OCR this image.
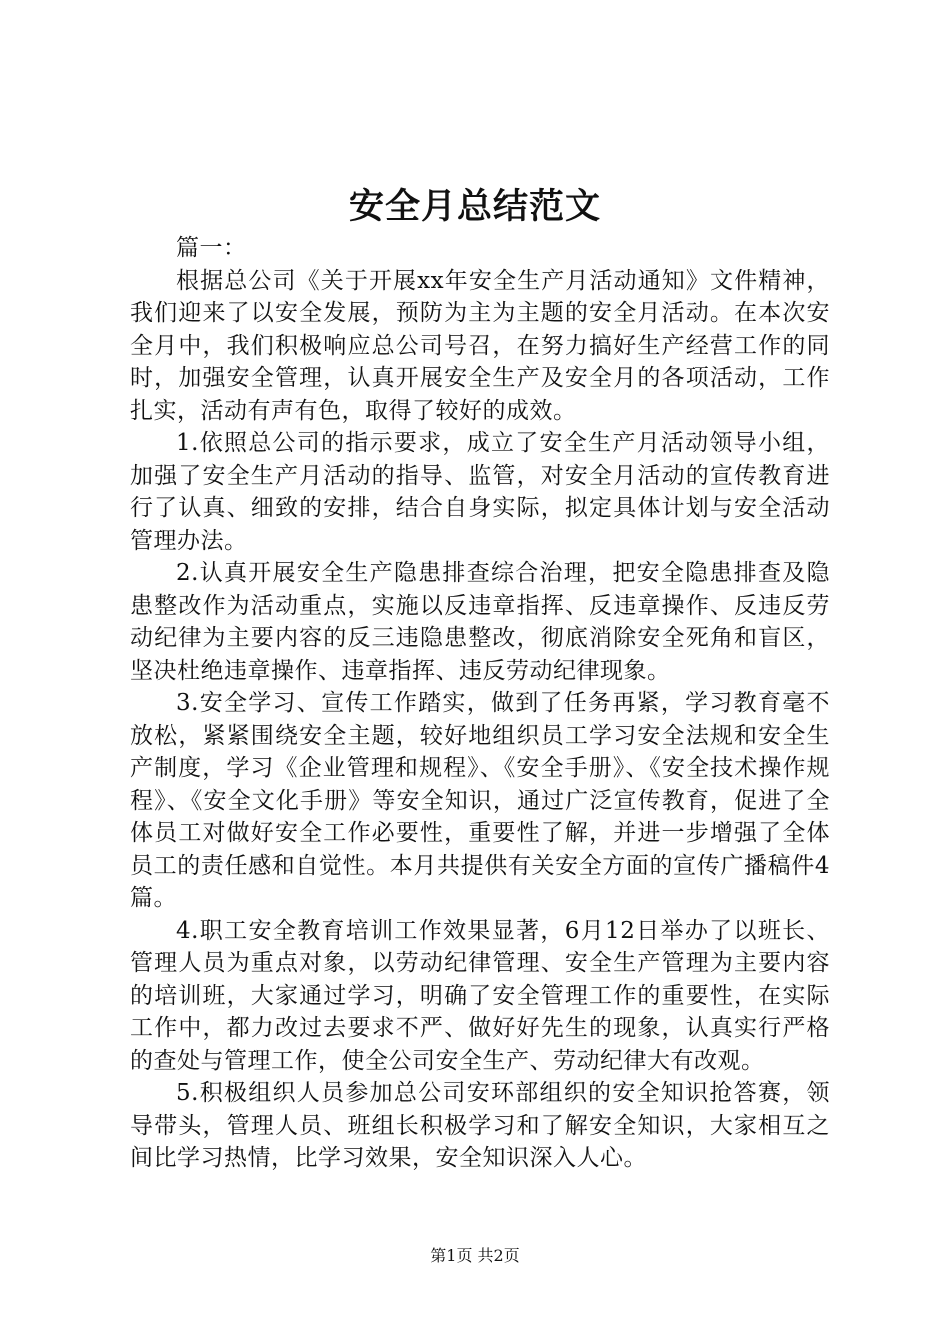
安全月总结范文

篇一：

根据总公司《关于开展xx年安全生产月活动通知》文件精神，我们迎来了以安全发展，预防为主为主题的安全月活动。在本次安全月中，我们积极响应总公司号召，在努力搞好生产经营工作的同时，加强安全管理，认真开展安全生产及安全月的各项活动，工作扎实，活动有声有色，取得了较好的成效。

1.依照总公司的指示要求，成立了安全生产月活动领导小组，加强了安全生产月活动的指导、监管，对安全月活动的宣传教育进行了认真、细致的安排，结合自身实际，拟定具体计划与安全活动管理办法。

2.认真开展安全生产隐患排查综合治理，把安全隐患排查及隐患整改作为活动重点，实施以反违章指挥、反违章操作、反违反劳动纪律为主要内容的反三违隐患整改，彻底消除安全死角和盲区，坚决杜绝违章操作、违章指挥、违反劳动纪律现象。

3.安全学习、宣传工作踏实，做到了任务再紧，学习教育毫不放松，紧紧围绕安全主题，较好地组织员工学习安全法规和安全生产制度，学习《企业管理和规程》、《安全手册》、《安全技术操作规程》、《安全文化手册》等安全知识，通过广泛宣传教育，促进了全体员工对做好安全工作必要性，重要性了解，并进一步增强了全体员工的责任感和自觉性。本月共提供有关安全方面的宣传广播稿件4篇。

4.职工安全教育培训工作效果显著，6月12日举办了以班长、管理人员为重点对象，以劳动纪律管理、安全生产管理为主要内容的培训班，大家通过学习，明确了安全管理工作的重要性，在实际工作中，都力改过去要求不严、做好好先生的现象，认真实行严格的查处与管理工作，使全公司安全生产、劳动纪律大有改观。

5.积极组织人员参加总公司安环部组织的安全知识抢答赛，领导带头，管理人员、班组长积极学习和了解安全知识，大家相互之间比学习热情，比学习效果，安全知识深入人心。

第1页 共2页
